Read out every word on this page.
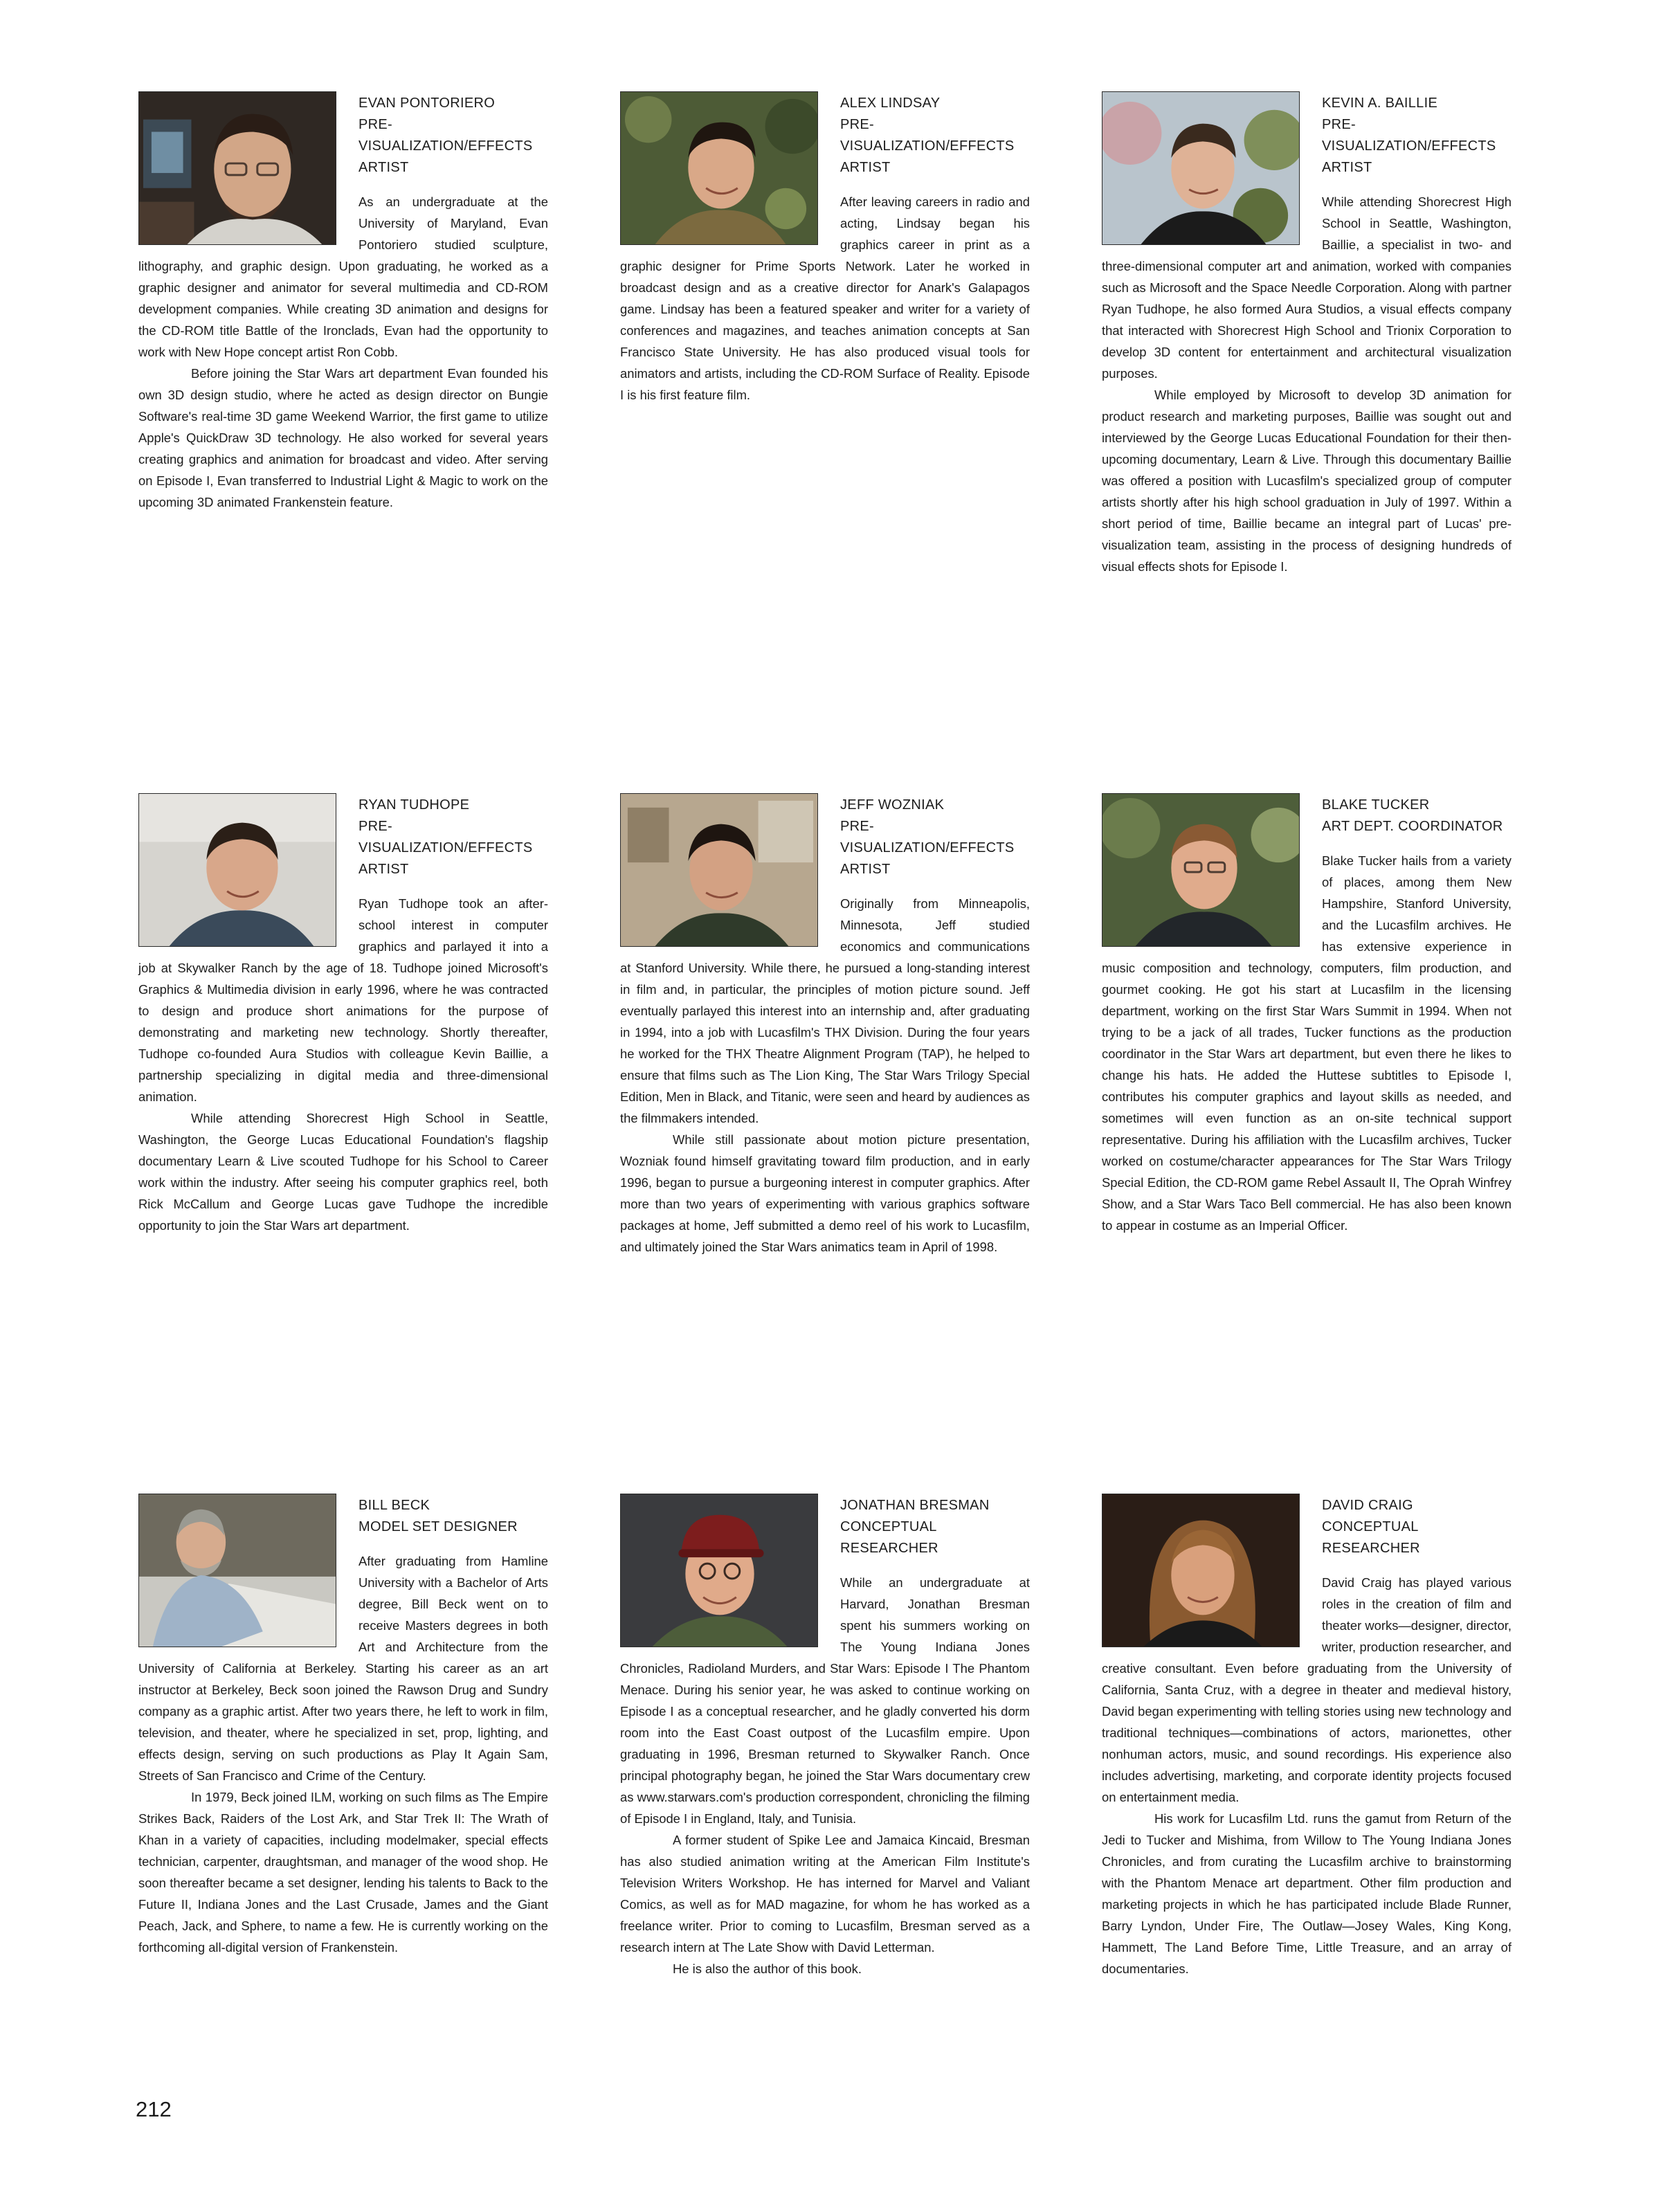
EVAN PONTORIERO
PRE-VISUALIZATION/EFFECTS
ARTIST

As an undergraduate at the University of Maryland, Evan Pontoriero studied sculpture, lithography, and graphic design. Upon graduating, he worked as a graphic designer and animator for several multimedia and CD-ROM development companies. While creating 3D animation and designs for the CD-ROM title Battle of the Ironclads, Evan had the opportunity to work with New Hope concept artist Ron Cobb.

Before joining the Star Wars art department Evan founded his own 3D design studio, where he acted as design director on Bungie Software's real-time 3D game Weekend Warrior, the first game to utilize Apple's QuickDraw 3D technology. He also worked for several years creating graphics and animation for broadcast and video. After serving on Episode I, Evan transferred to Industrial Light & Magic to work on the upcoming 3D animated Frankenstein feature.

ALEX LINDSAY
PRE-VISUALIZATION/EFFECTS
ARTIST

After leaving careers in radio and acting, Lindsay began his graphics career in print as a graphic designer for Prime Sports Network. Later he worked in broadcast design and as a creative director for Anark's Galapagos game. Lindsay has been a featured speaker and writer for a variety of conferences and magazines, and teaches animation concepts at San Francisco State University. He has also produced visual tools for animators and artists, including the CD-ROM Surface of Reality. Episode I is his first feature film.

KEVIN A. BAILLIE
PRE-VISUALIZATION/EFFECTS
ARTIST

While attending Shorecrest High School in Seattle, Washington, Baillie, a specialist in two- and three-dimensional computer art and animation, worked with companies such as Microsoft and the Space Needle Corporation. Along with partner Ryan Tudhope, he also formed Aura Studios, a visual effects company that interacted with Shorecrest High School and Trionix Corporation to develop 3D content for entertainment and architectural visualization purposes.

While employed by Microsoft to develop 3D animation for product research and marketing purposes, Baillie was sought out and interviewed by the George Lucas Educational Foundation for their then-upcoming documentary, Learn & Live. Through this documentary Baillie was offered a position with Lucasfilm's specialized group of computer artists shortly after his high school graduation in July of 1997. Within a short period of time, Baillie became an integral part of Lucas' pre-visualization team, assisting in the process of designing hundreds of visual effects shots for Episode I.

RYAN TUDHOPE
PRE-VISUALIZATION/EFFECTS
ARTIST

Ryan Tudhope took an after-school interest in computer graphics and parlayed it into a job at Skywalker Ranch by the age of 18. Tudhope joined Microsoft's Graphics & Multimedia division in early 1996, where he was contracted to design and produce short animations for the purpose of demonstrating and marketing new technology. Shortly thereafter, Tudhope co-founded Aura Studios with colleague Kevin Baillie, a partnership specializing in digital media and three-dimensional animation.

While attending Shorecrest High School in Seattle, Washington, the George Lucas Educational Foundation's flagship documentary Learn & Live scouted Tudhope for his School to Career work within the industry. After seeing his computer graphics reel, both Rick McCallum and George Lucas gave Tudhope the incredible opportunity to join the Star Wars art department.

JEFF WOZNIAK
PRE-VISUALIZATION/EFFECTS
ARTIST

Originally from Minneapolis, Minnesota, Jeff studied economics and communications at Stanford University. While there, he pursued a long-standing interest in film and, in particular, the principles of motion picture sound. Jeff eventually parlayed this interest into an internship and, after graduating in 1994, into a job with Lucasfilm's THX Division. During the four years he worked for the THX Theatre Alignment Program (TAP), he helped to ensure that films such as The Lion King, The Star Wars Trilogy Special Edition, Men in Black, and Titanic, were seen and heard by audiences as the filmmakers intended.

While still passionate about motion picture presentation, Wozniak found himself gravitating toward film production, and in early 1996, began to pursue a burgeoning interest in computer graphics. After more than two years of experimenting with various graphics software packages at home, Jeff submitted a demo reel of his work to Lucasfilm, and ultimately joined the Star Wars animatics team in April of 1998.

BLAKE TUCKER
ART DEPT. COORDINATOR

Blake Tucker hails from a variety of places, among them New Hampshire, Stanford University, and the Lucasfilm archives. He has extensive experience in music composition and technology, computers, film production, and gourmet cooking. He got his start at Lucasfilm in the licensing department, working on the first Star Wars Summit in 1994. When not trying to be a jack of all trades, Tucker functions as the production coordinator in the Star Wars art department, but even there he likes to change his hats. He added the Huttese subtitles to Episode I, contributes his computer graphics and layout skills as needed, and sometimes will even function as an on-site technical support representative. During his affiliation with the Lucasfilm archives, Tucker worked on costume/character appearances for The Star Wars Trilogy Special Edition, the CD-ROM game Rebel Assault II, The Oprah Winfrey Show, and a Star Wars Taco Bell commercial. He has also been known to appear in costume as an Imperial Officer.

BILL BECK
MODEL SET DESIGNER

After graduating from Hamline University with a Bachelor of Arts degree, Bill Beck went on to receive Masters degrees in both Art and Architecture from the University of California at Berkeley. Starting his career as an art instructor at Berkeley, Beck soon joined the Rawson Drug and Sundry company as a graphic artist. After two years there, he left to work in film, television, and theater, where he specialized in set, prop, lighting, and effects design, serving on such productions as Play It Again Sam, Streets of San Francisco and Crime of the Century.

In 1979, Beck joined ILM, working on such films as The Empire Strikes Back, Raiders of the Lost Ark, and Star Trek II: The Wrath of Khan in a variety of capacities, including modelmaker, special effects technician, carpenter, draughtsman, and manager of the wood shop. He soon thereafter became a set designer, lending his talents to Back to the Future II, Indiana Jones and the Last Crusade, James and the Giant Peach, Jack, and Sphere, to name a few. He is currently working on the forthcoming all-digital version of Frankenstein.

JONATHAN BRESMAN
CONCEPTUAL RESEARCHER

While an undergraduate at Harvard, Jonathan Bresman spent his summers working on The Young Indiana Jones Chronicles, Radioland Murders, and Star Wars: Episode I The Phantom Menace. During his senior year, he was asked to continue working on Episode I as a conceptual researcher, and he gladly converted his dorm room into the East Coast outpost of the Lucasfilm empire. Upon graduating in 1996, Bresman returned to Skywalker Ranch. Once principal photography began, he joined the Star Wars documentary crew as www.starwars.com's production correspondent, chronicling the filming of Episode I in England, Italy, and Tunisia.

A former student of Spike Lee and Jamaica Kincaid, Bresman has also studied animation writing at the American Film Institute's Television Writers Workshop. He has interned for Marvel and Valiant Comics, as well as for MAD magazine, for whom he has worked as a freelance writer. Prior to coming to Lucasfilm, Bresman served as a research intern at The Late Show with David Letterman.

He is also the author of this book.

DAVID CRAIG
CONCEPTUAL RESEARCHER

David Craig has played various roles in the creation of film and theater works—designer, director, writer, production researcher, and creative consultant. Even before graduating from the University of California, Santa Cruz, with a degree in theater and medieval history, David began experimenting with telling stories using new technology and traditional techniques—combinations of actors, marionettes, other nonhuman actors, music, and sound recordings. His experience also includes advertising, marketing, and corporate identity projects focused on entertainment media.

His work for Lucasfilm Ltd. runs the gamut from Return of the Jedi to Tucker and Mishima, from Willow to The Young Indiana Jones Chronicles, and from curating the Lucasfilm archive to brainstorming with the Phantom Menace art department. Other film production and marketing projects in which he has participated include Blade Runner, Barry Lyndon, Under Fire, The Outlaw—Josey Wales, King Kong, Hammett, The Land Before Time, Little Treasure, and an array of documentaries.

212
